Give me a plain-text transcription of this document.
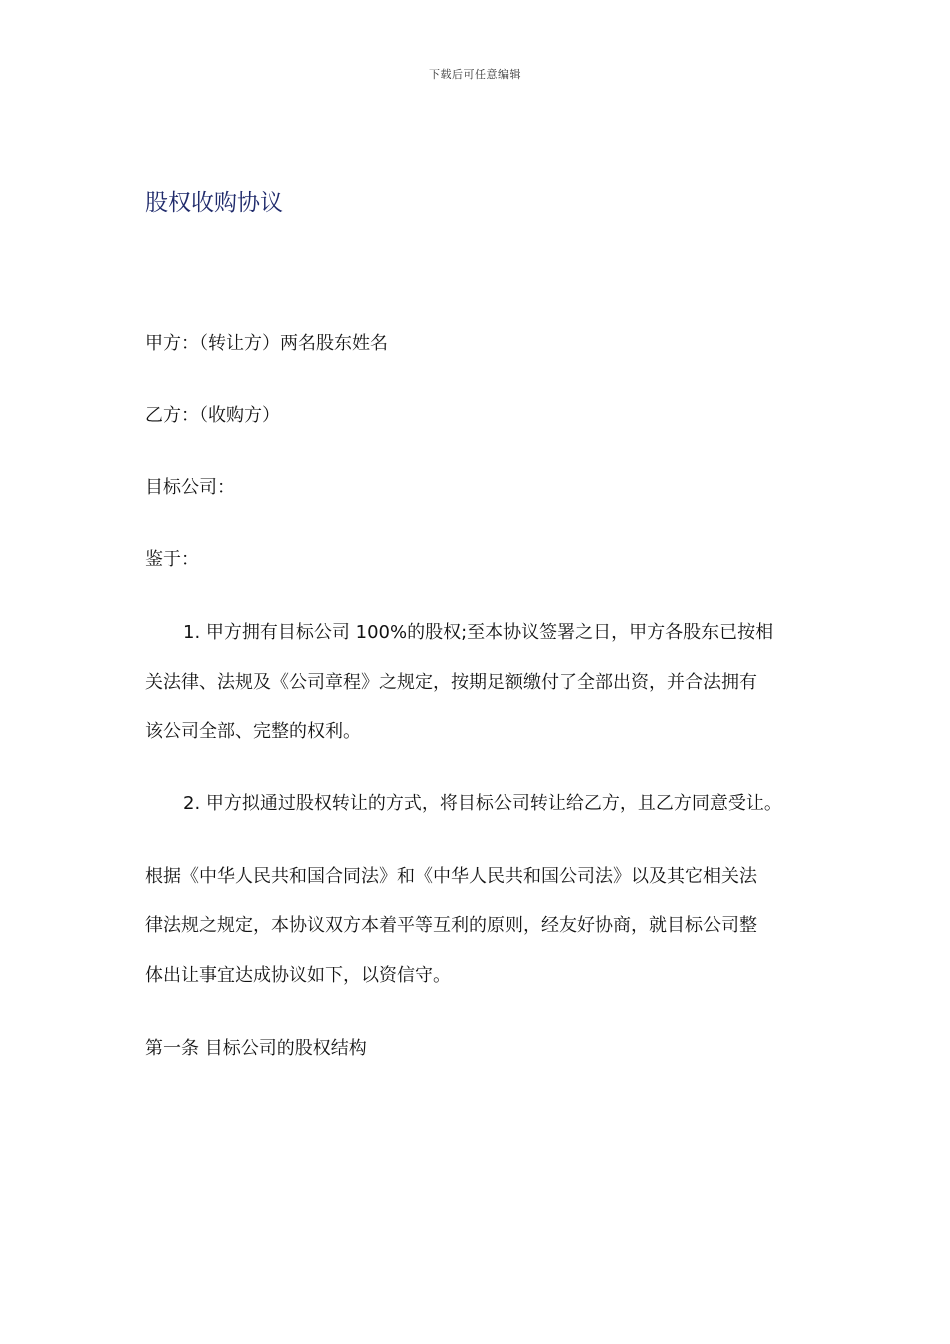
下载后可任意编辑
股权收购协议
甲方：（转让方）两名股东姓名
乙方：（收购方）
目标公司：
鉴于：
1. 甲方拥有目标公司 100%的股权;至本协议签署之日，甲方各股东已按相
关法律、法规及《公司章程》之规定，按期足额缴付了全部出资，并合法拥有
该公司全部、完整的权利。
2. 甲方拟通过股权转让的方式，将目标公司转让给乙方，且乙方同意受让。
根据《中华人民共和国合同法》和《中华人民共和国公司法》以及其它相关法
律法规之规定，本协议双方本着平等互利的原则，经友好协商，就目标公司整
体出让事宜达成协议如下，以资信守。
第一条 目标公司的股权结构
